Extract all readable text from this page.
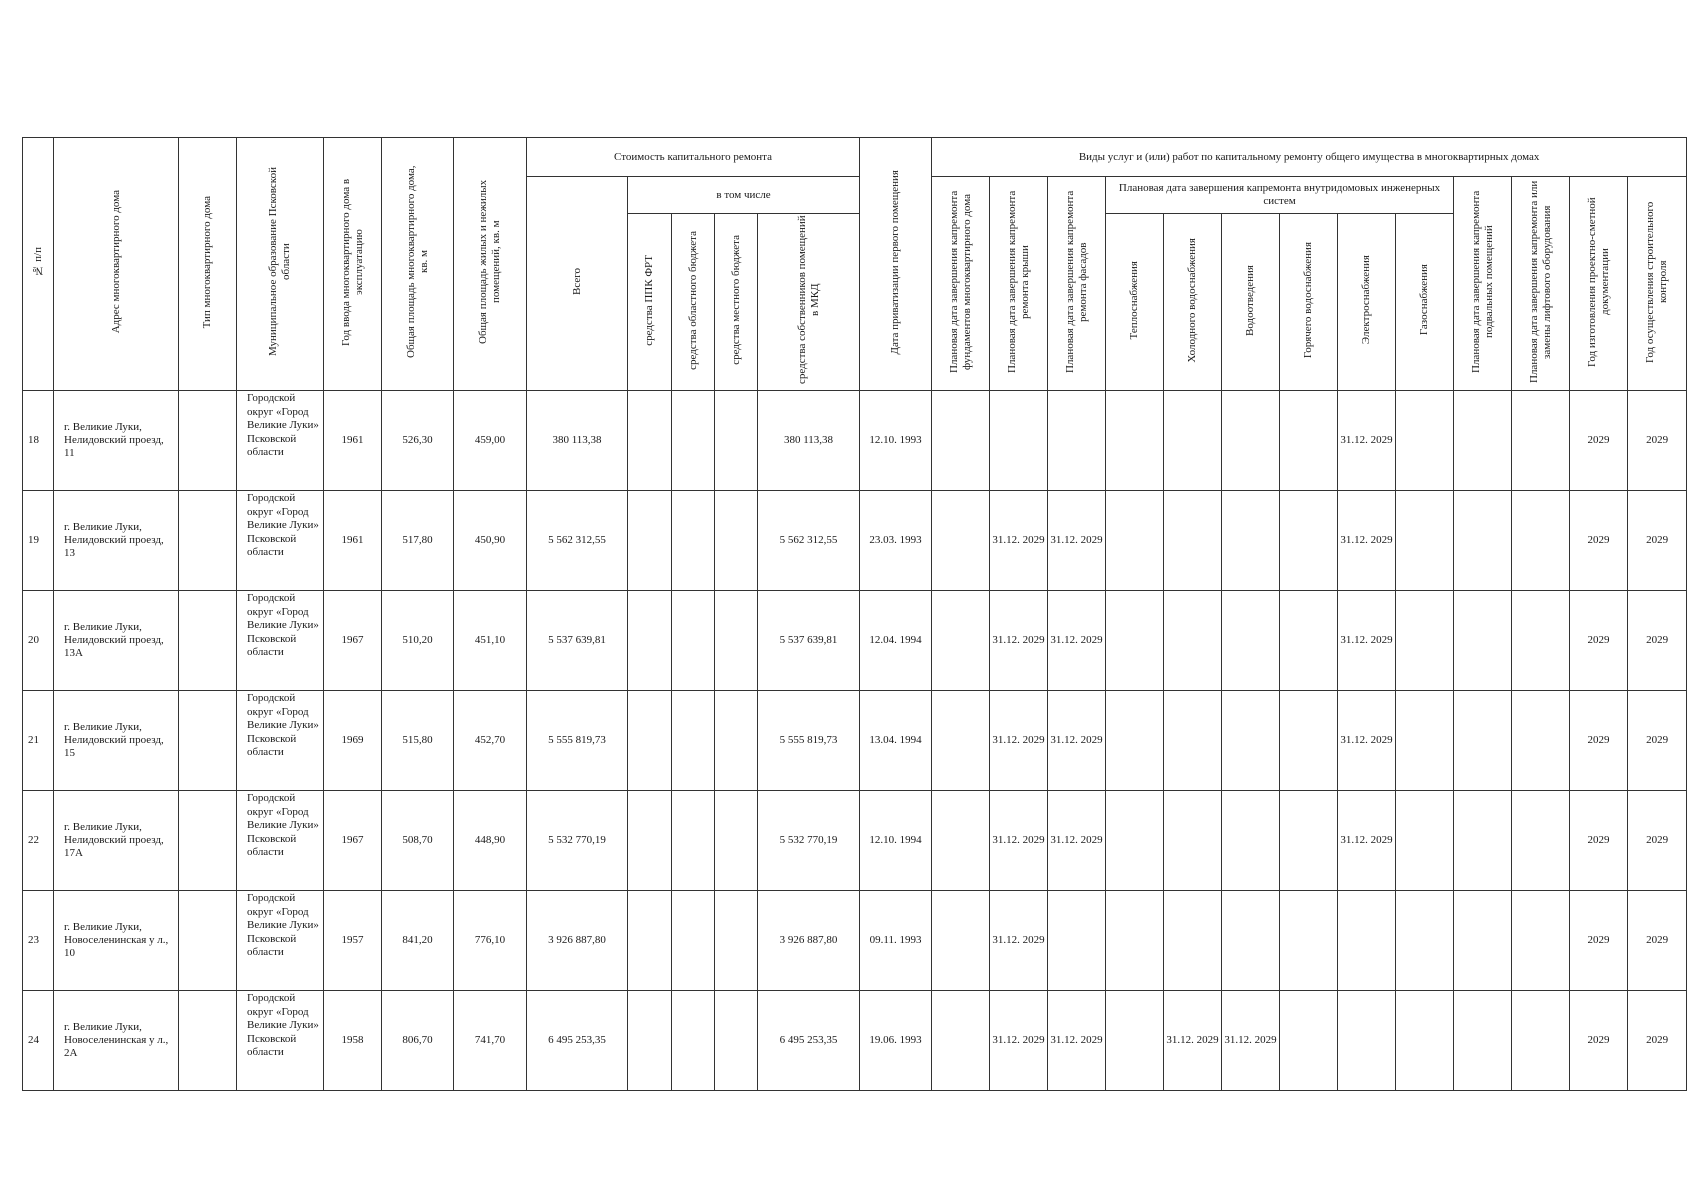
№ п/п	Адрес многоквартирного дома	Тип многоквартирного дома	Муниципальное образование Псковской области	Год ввода многоквартирного дома в эксплуатацию	Общая площадь многоквартирного дома, кв. м	Общая площадь жилых и нежилых помещений, кв. м	Стоимость капитального ремонта					Дата приватизации первого помещения	Виды услуг и (или) работ по капитальному ремонту общего имущества в многоквартирных домах												
							Всего	в том числе					Плановая дата завершения капремонта фундаментов многоквартирного дома	Плановая дата завершения капремонта ремонта крыши	Плановая дата завершения капремонта ремонта фасадов	Плановая дата завершения капремонта внутридомовых инженерных систем						Плановая дата завершения капремонта подвальных помещений	Плановая дата завершения капремонта или замены лифтового оборудования	Год изготовления проектно-сметной документации	Год осуществления строительного контроля
								средства ППК ФРТ	средства областного бюджета	средства местного бюджета	средства собственников помещений в МКД					Теплоснабжения	Холодного водоснабжения	Водоотведения	Горячего водоснабжения	Электроснабжения	Газоснабжения				
18	г. Великие Луки, Нелидовский проезд, 11		Городской округ «Город Великие Луки» Псковской области	1961	526,30	459,00	380 113,38				380 113,38	12.10. 1993								31.12. 2029				2029	2029
19	г. Великие Луки, Нелидовский проезд, 13		Городской округ «Город Великие Луки» Псковской области	1961	517,80	450,90	5 562 312,55				5 562 312,55	23.03. 1993		31.12. 2029	31.12. 2029					31.12. 2029				2029	2029
20	г. Великие Луки, Нелидовский проезд, 13А		Городской округ «Город Великие Луки» Псковской области	1967	510,20	451,10	5 537 639,81				5 537 639,81	12.04. 1994		31.12. 2029	31.12. 2029					31.12. 2029				2029	2029
21	г. Великие Луки, Нелидовский проезд, 15		Городской округ «Город Великие Луки» Псковской области	1969	515,80	452,70	5 555 819,73				5 555 819,73	13.04. 1994		31.12. 2029	31.12. 2029					31.12. 2029				2029	2029
22	г. Великие Луки, Нелидовский проезд, 17А		Городской округ «Город Великие Луки» Псковской области	1967	508,70	448,90	5 532 770,19				5 532 770,19	12.10. 1994		31.12. 2029	31.12. 2029					31.12. 2029				2029	2029
23	г. Великие Луки, Новоселенинская у л., 10		Городской округ «Город Великие Луки» Псковской области	1957	841,20	776,10	3 926 887,80				3 926 887,80	09.11. 1993		31.12. 2029										2029	2029
24	г. Великие Луки, Новоселенинская у л., 2А		Городской округ «Город Великие Луки» Псковской области	1958	806,70	741,70	6 495 253,35				6 495 253,35	19.06. 1993		31.12. 2029	31.12. 2029		31.12. 2029	31.12. 2029						2029	2029
